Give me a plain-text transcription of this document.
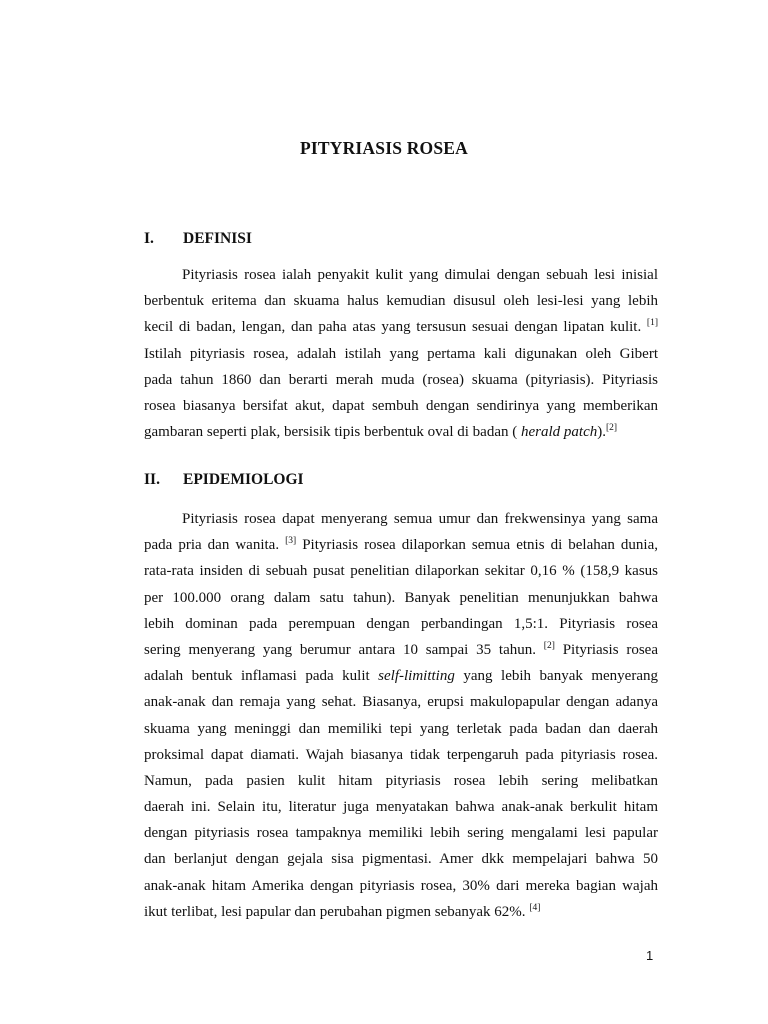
PITYRIASIS ROSEA
I. DEFINISI
Pityriasis rosea ialah penyakit kulit yang dimulai dengan sebuah lesi inisial
berbentuk eritema dan skuama halus kemudian disusul oleh lesi-lesi yang lebih
kecil di badan, lengan, dan paha atas yang tersusun sesuai dengan lipatan kulit. [1]
Istilah pityriasis rosea, adalah istilah yang pertama kali digunakan oleh Gibert
pada tahun 1860 dan berarti merah muda (rosea) skuama (pityriasis). Pityriasis
rosea biasanya bersifat akut, dapat sembuh dengan sendirinya yang memberikan
gambaran seperti plak, bersisik tipis berbentuk oval di badan ( herald patch).[2]
II. EPIDEMIOLOGI
Pityriasis rosea dapat menyerang semua umur dan frekwensinya yang sama
pada pria dan wanita. [3] Pityriasis rosea dilaporkan semua etnis di belahan dunia,
rata-rata insiden di sebuah pusat penelitian dilaporkan sekitar 0,16 % (158,9 kasus
per 100.000 orang dalam satu tahun). Banyak penelitian menunjukkan bahwa
lebih dominan pada perempuan dengan perbandingan 1,5:1. Pityriasis rosea
sering menyerang yang berumur antara 10 sampai 35 tahun. [2] Pityriasis rosea
adalah bentuk inflamasi pada kulit self-limitting yang lebih banyak menyerang
anak-anak dan remaja yang sehat. Biasanya, erupsi makulopapular dengan adanya
skuama yang meninggi dan memiliki tepi yang terletak pada badan dan daerah
proksimal dapat diamati. Wajah biasanya tidak terpengaruh pada pityriasis rosea.
Namun, pada pasien kulit hitam pityriasis rosea lebih sering melibatkan
daerah ini. Selain itu, literatur juga menyatakan bahwa anak-anak berkulit hitam
dengan pityriasis rosea tampaknya memiliki lebih sering mengalami lesi papular
dan berlanjut dengan gejala sisa pigmentasi. Amer dkk mempelajari bahwa 50
anak-anak hitam Amerika dengan pityriasis rosea, 30% dari mereka bagian wajah
ikut terlibat, lesi papular dan perubahan pigmen sebanyak 62%. [4]
1
